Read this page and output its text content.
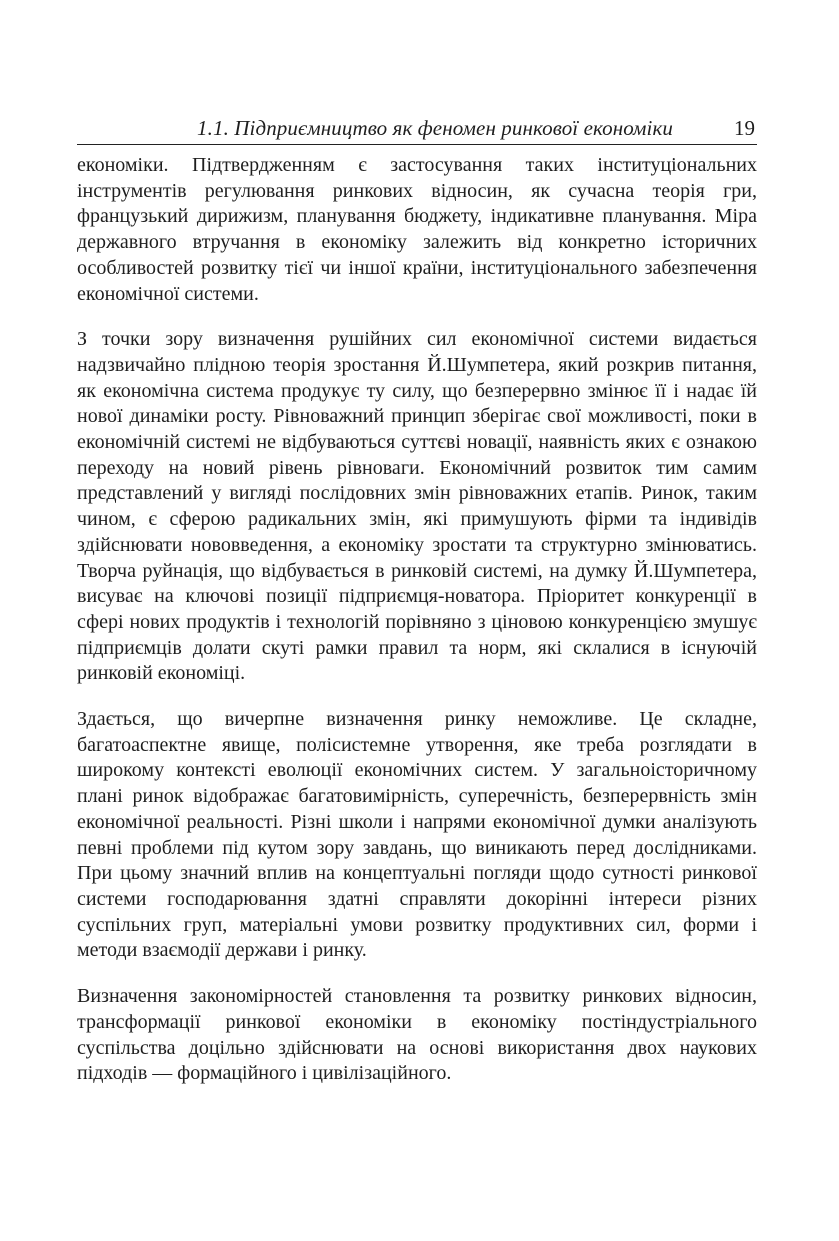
1.1. Підприємництво як феномен ринкової економіки	19

економіки. Підтвердженням є застосування таких інституціональних інструментів регулювання ринкових відносин, як сучасна теорія гри, французький дирижизм, планування бюджету, індикативне планування. Міра державного втручання в економіку залежить від конкретно історичних особливостей розвитку тієї чи іншої країни, інституціонального забезпечення економічної системи.

З точки зору визначення рушійних сил економічної системи видається надзвичайно плідною теорія зростання Й.Шумпетера, який розкрив питання, як економічна система продукує ту силу, що безперервно змінює її і надає їй нової динаміки росту. Рівноважний принцип зберігає свої можливості, поки в економічній системі не відбуваються суттєві новації, наявність яких є ознакою переходу на новий рівень рівноваги. Економічний розвиток тим самим представлений у вигляді послідовних змін рівноважних етапів. Ринок, таким чином, є сферою радикальних змін, які примушують фірми та індивідів здійснювати нововведення, а економіку зростати та структурно змінюватись. Творча руйнація, що відбувається в ринковій системі, на думку Й.Шумпетера, висуває на ключові позиції підприємця-новатора. Пріоритет конкуренції в сфері нових продуктів і технологій порівняно з ціновою конкуренцією змушує підприємців долати скуті рамки правил та норм, які склалися в існуючій ринковій економіці.

Здається, що вичерпне визначення ринку неможливе. Це складне, багатоаспектне явище, полісистемне утворення, яке треба розглядати в широкому контексті еволюції економічних систем. У загальноісторичному плані ринок відображає багатовимірність, суперечність, безперервність змін економічної реальності. Різні школи і напрями економічної думки аналізують певні проблеми під кутом зору завдань, що виникають перед дослідниками. При цьому значний вплив на концептуальні погляди щодо сутності ринкової системи господарювання здатні справляти докорінні інтереси різних суспільних груп, матеріальні умови розвитку продуктивних сил, форми і методи взаємодії держави і ринку.

Визначення закономірностей становлення та розвитку ринкових відносин, трансформації ринкової економіки в економіку постіндустріального суспільства доцільно здійснювати на основі використання двох наукових підходів — формаційного і цивілізаційного.
